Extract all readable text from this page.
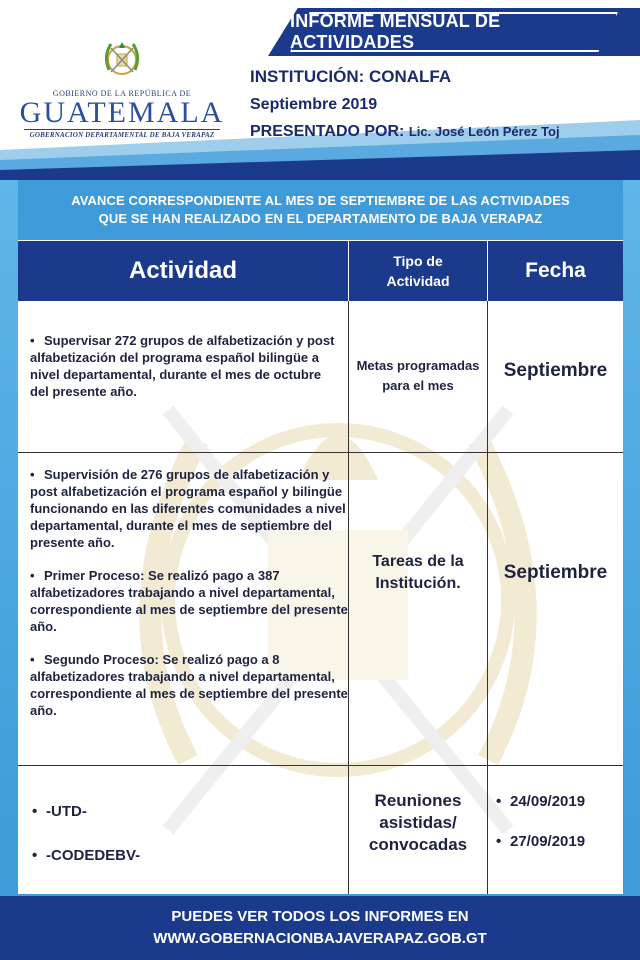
INFORME MENSUAL DE ACTIVIDADES
GOBIERNO DE LA REPÚBLICA DE
GUATEMALA
GOBERNACION DEPARTAMENTAL DE BAJA VERAPAZ
INSTITUCIÓN: CONALFA
Septiembre 2019
PRESENTADO POR: Lic. José León Pérez Toj
AVANCE CORRESPONDIENTE AL MES DE SEPTIEMBRE DE LAS ACTIVIDADES
QUE SE HAN REALIZADO EN EL DEPARTAMENTO DE BAJA VERAPAZ
Actividad	Tipo de
Actividad	Fecha
• Supervisar 272 grupos de alfabetización y post alfabetización del programa español bilingüe a nivel departamental, durante el mes de octubre del presente año.
Metas programadas
para el mes
Septiembre
• Supervisión de 276 grupos de alfabetización y post alfabetización el programa español y bilingüe funcionando en las diferentes comunidades a nivel departamental, durante el mes de septiembre del presente año.
• Primer Proceso: Se realizó pago a 387 alfabetizadores trabajando a nivel departamental, correspondiente al mes de septiembre del presente año.
• Segundo Proceso: Se realizó pago a 8 alfabetizadores trabajando a nivel departamental, correspondiente al mes de septiembre del presente año.
Tareas de la
Institución.
Septiembre
• -UTD-
• -CODEDEBV-
Reuniones
asistidas/
convocadas
• 24/09/2019
• 27/09/2019
PUEDES VER TODOS LOS INFORMES EN
WWW.GOBERNACIONBAJAVERAPAZ.GOB.GT
